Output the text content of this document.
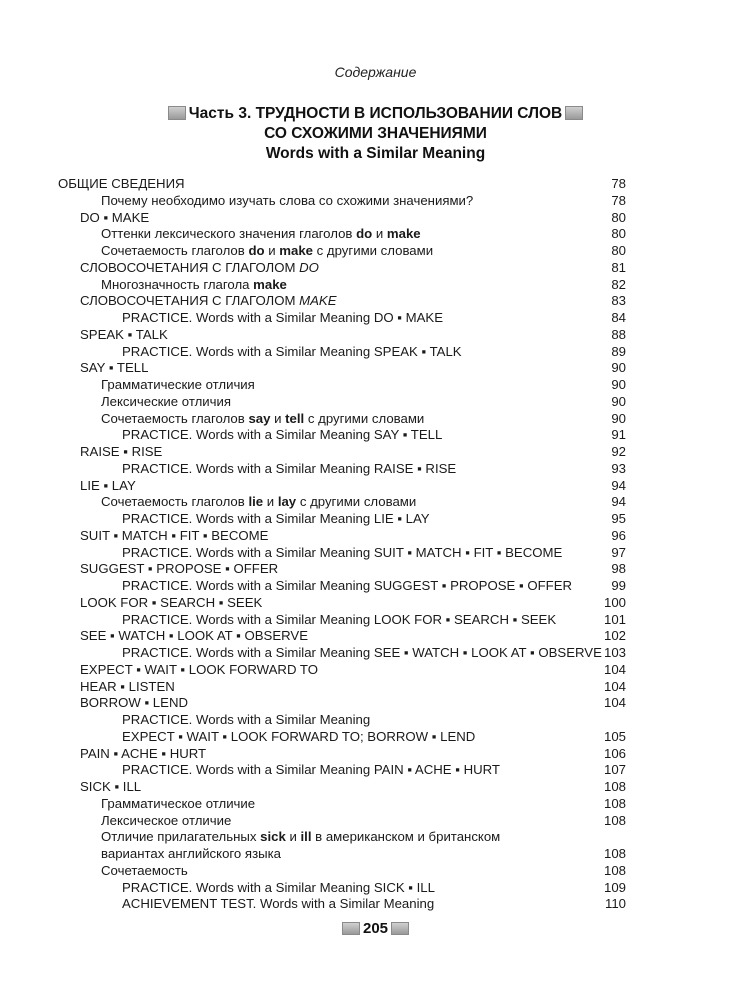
Содержание
Часть 3. ТРУДНОСТИ В ИСПОЛЬЗОВАНИИ СЛОВ
СО СХОЖИМИ ЗНАЧЕНИЯМИ
Words with a Similar Meaning
ОБЩИЕ СВЕДЕНИЯ	78
Почему необходимо изучать слова со схожими значениями?	78
DO ▪ MAKE	80
Оттенки лексического значения глаголов do и make	80
Сочетаемость глаголов do и make с другими словами	80
СЛОВОСОЧЕТАНИЯ С ГЛАГОЛОМ DO	81
Многозначность глагола make	82
СЛОВОСОЧЕТАНИЯ С ГЛАГОЛОМ MAKE	83
PRACTICE. Words with a Similar Meaning DO ▪ MAKE	84
SPEAK ▪ TALK	88
PRACTICE. Words with a Similar Meaning SPEAK ▪ TALK	89
SAY ▪ TELL	90
Грамматические отличия	90
Лексические отличия	90
Сочетаемость глаголов say и tell с другими словами	90
PRACTICE. Words with a Similar Meaning SAY ▪ TELL	91
RAISE ▪ RISE	92
PRACTICE. Words with a Similar Meaning RAISE ▪ RISE	93
LIE ▪ LAY	94
Сочетаемость глаголов lie и lay с другими словами	94
PRACTICE. Words with a Similar Meaning LIE ▪ LAY	95
SUIT ▪ MATCH ▪ FIT ▪ BECOME	96
PRACTICE. Words with a Similar Meaning SUIT ▪ MATCH ▪ FIT ▪ BECOME	97
SUGGEST ▪ PROPOSE ▪ OFFER	98
PRACTICE. Words with a Similar Meaning SUGGEST ▪ PROPOSE ▪ OFFER	99
LOOK FOR ▪ SEARCH ▪ SEEK	100
PRACTICE. Words with a Similar Meaning LOOK FOR ▪ SEARCH ▪ SEEK	101
SEE ▪ WATCH ▪ LOOK AT ▪ OBSERVE	102
PRACTICE. Words with a Similar Meaning SEE ▪ WATCH ▪ LOOK AT ▪ OBSERVE 103
EXPECT ▪ WAIT ▪ LOOK FORWARD TO	104
HEAR ▪ LISTEN	104
BORROW ▪ LEND	104
PRACTICE. Words with a Similar Meaning
EXPECT ▪ WAIT ▪ LOOK FORWARD TO; BORROW ▪ LEND	105
PAIN ▪ ACHE ▪ HURT	106
PRACTICE. Words with a Similar Meaning PAIN ▪ ACHE ▪ HURT	107
SICK ▪ ILL	108
Грамматическое отличие	108
Лексическое отличие	108
Отличие прилагательных sick и ill в американском и британском
вариантах английского языка	108
Сочетаемость	108
PRACTICE. Words with a Similar Meaning SICK ▪ ILL	109
ACHIEVEMENT TEST. Words with a Similar Meaning	110
205
